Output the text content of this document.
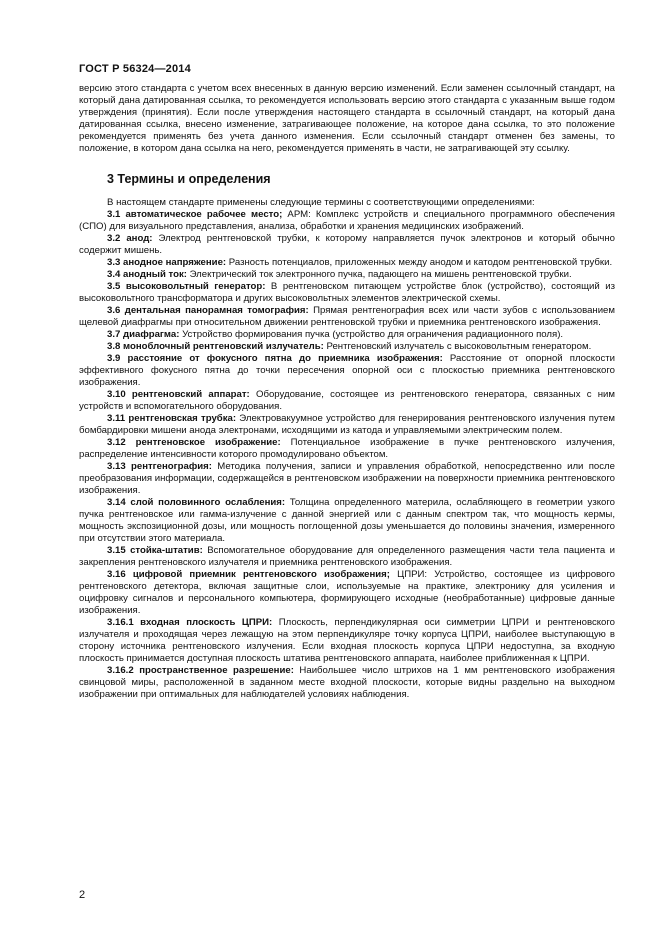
ГОСТ Р 56324—2014

версию этого стандарта с учетом всех внесенных в данную версию изменений. Если заменен ссылочный стандарт, на который дана датированная ссылка, то рекомендуется использовать версию этого стандарта с указанным выше годом утверждения (принятия). Если после утверждения настоящего стандарта в ссылочный стандарт, на который дана датированная ссылка, внесено изменение, затрагивающее положение, на которое дана ссылка, то это положение рекомендуется применять без учета данного изменения. Если ссылочный стандарт отменен без замены, то положение, в котором дана ссылка на него, рекомендуется применять в части, не затрагивающей эту ссылку.

3 Термины и определения

В настоящем стандарте применены следующие термины с соответствующими определениями:

3.1 автоматическое рабочее место; АРМ: Комплекс устройств и специального программного обеспечения (СПО) для визуального представления, анализа, обработки и хранения медицинских изображений.

3.2 анод: Электрод рентгеновской трубки, к которому направляется пучок электронов и который обычно содержит мишень.

3.3 анодное напряжение: Разность потенциалов, приложенных между анодом и катодом рентгеновской трубки.

3.4 анодный ток: Электрический ток электронного пучка, падающего на мишень рентгеновской трубки.

3.5 высоковольтный генератор: В рентгеновском питающем устройстве блок (устройство), состоящий из высоковольтного трансформатора и других высоковольтных элементов электрической схемы.

3.6 дентальная панорамная томография: Прямая рентгенография всех или части зубов с использованием щелевой диафрагмы при относительном движении рентгеновской трубки и приемника рентгеновского изображения.

3.7 диафрагма: Устройство формирования пучка (устройство для ограничения радиационного поля).

3.8 моноблочный рентгеновский излучатель: Рентгеновский излучатель с высоковольтным генератором.

3.9 расстояние от фокусного пятна до приемника изображения: Расстояние от опорной плоскости эффективного фокусного пятна до точки пересечения опорной оси с плоскостью приемника рентгеновского изображения.

3.10 рентгеновский аппарат: Оборудование, состоящее из рентгеновского генератора, связанных с ним устройств и вспомогательного оборудования.

3.11 рентгеновская трубка: Электровакуумное устройство для генерирования рентгеновского излучения путем бомбардировки мишени анода электронами, исходящими из катода и управляемыми электрическим полем.

3.12 рентгеновское изображение: Потенциальное изображение в пучке рентгеновского излучения, распределение интенсивности которого промодулировано объектом.

3.13 рентгенография: Методика получения, записи и управления обработкой, непосредственно или после преобразования информации, содержащейся в рентгеновском изображении на поверхности приемника рентгеновского изображения.

3.14 слой половинного ослабления: Толщина определенного материла, ослабляющего в геометрии узкого пучка рентгеновское или гамма-излучение с данной энергией или с данным спектром так, что мощность кермы, мощность экспозиционной дозы, или мощность поглощенной дозы уменьшается до половины значения, измеренного при отсутствии этого материала.

3.15 стойка-штатив: Вспомогательное оборудование для определенного размещения части тела пациента и закрепления рентгеновского излучателя и приемника рентгеновского изображения.

3.16 цифровой приемник рентгеновского изображения; ЦПРИ: Устройство, состоящее из цифрового рентгеновского детектора, включая защитные слои, используемые на практике, электронику для усиления и оцифровку сигналов и персонального компьютера, формирующего исходные (необработанные) цифровые данные изображения.

3.16.1 входная плоскость ЦПРИ: Плоскость, перпендикулярная оси симметрии ЦПРИ и рентгеновского излучателя и проходящая через лежащую на этом перпендикуляре точку корпуса ЦПРИ, наиболее выступающую в сторону источника рентгеновского излучения. Если входная плоскость корпуса ЦПРИ недоступна, за входную плоскость принимается доступная плоскость штатива рентгеновского аппарата, наиболее приближенная к ЦПРИ.

3.16.2 пространственное разрешение: Наибольшее число штрихов на 1 мм рентгеновского изображения свинцовой миры, расположенной в заданном месте входной плоскости, которые видны раздельно на выходном изображении при оптимальных для наблюдателей условиях наблюдения.

2
